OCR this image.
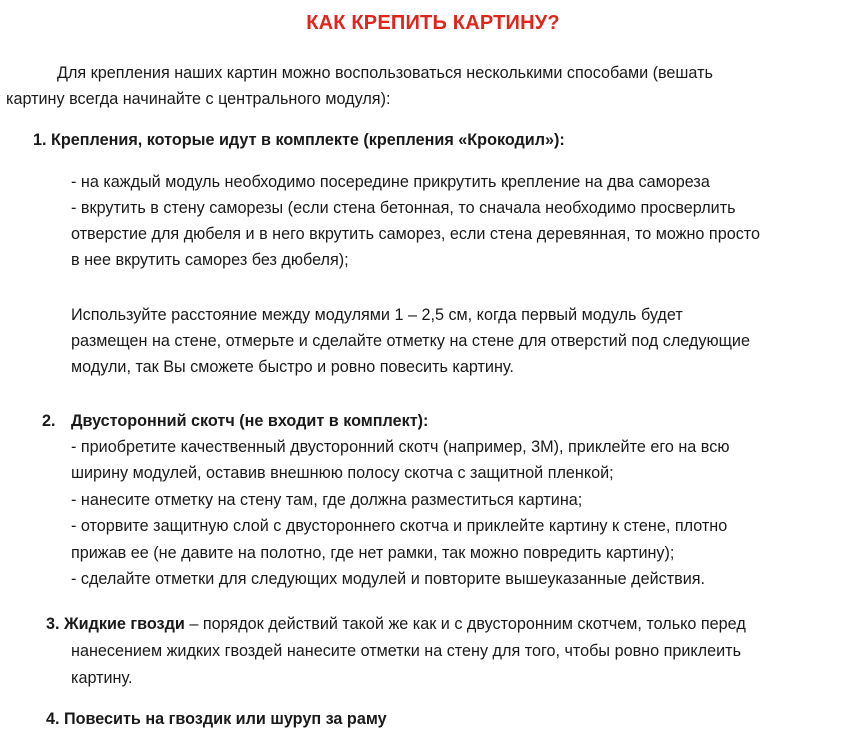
КАК КРЕПИТЬ КАРТИНУ?
Для крепления наших картин можно воспользоваться несколькими способами (вешать
картину всегда начинайте с центрального модуля):
1. Крепления, которые идут в комплекте (крепления «Крокодил»):
- на каждый модуль необходимо посередине прикрутить крепление на два самореза
- вкрутить в стену саморезы (если стена бетонная, то сначала необходимо просверлить
отверстие для дюбеля и в него вкрутить саморез, если стена деревянная, то можно просто
в нее вкрутить саморез без дюбеля);
Используйте расстояние между модулями 1 – 2,5 см, когда первый модуль будет
размещен на стене, отмерьте и сделайте отметку на стене для отверстий под следующие
модули, так Вы сможете быстро и ровно повесить картину.
2. Двусторонний скотч (не входит в комплект):
- приобретите качественный двусторонний скотч (например, 3М), приклейте его на всю
ширину модулей, оставив внешнюю полосу скотча с защитной пленкой;
- нанесите отметку на стену там, где должна разместиться картина;
- оторвите защитную слой с двустороннего скотча и приклейте картину к стене, плотно
прижав ее (не давите на полотно, где нет рамки, так можно повредить картину);
- сделайте отметки для следующих модулей и повторите вышеуказанные действия.
3. Жидкие гвозди – порядок действий такой же как и с двусторонним скотчем, только перед
нанесением жидких гвоздей нанесите отметки на стену для того, чтобы ровно приклеить
картину.
4. Повесить на гвоздик или шуруп за раму
